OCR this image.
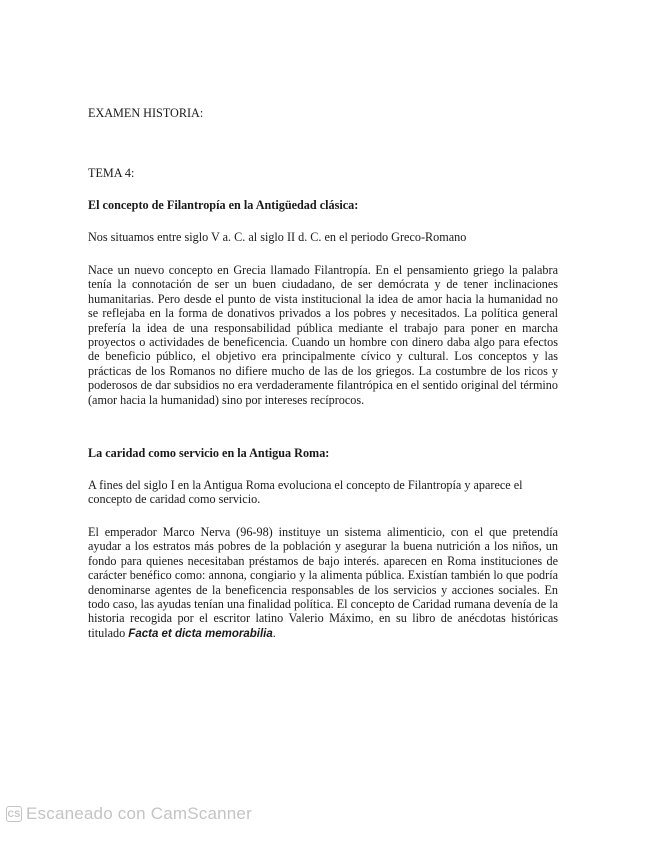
EXAMEN HISTORIA:

TEMA 4:

El concepto de Filantropía en la Antigüedad clásica:

Nos situamos entre siglo V a. C. al siglo II d. C. en el periodo Greco-Romano

Nace un nuevo concepto en Grecia llamado Filantropía. En el pensamiento griego la palabra tenía la connotación de ser un buen ciudadano, de ser demócrata y de tener inclinaciones humanitarias. Pero desde el punto de vista institucional la idea de amor hacia la humanidad no se reflejaba en la forma de donativos privados a los pobres y necesitados. La política general prefería la idea de una responsabilidad pública mediante el trabajo para poner en marcha proyectos o actividades de beneficencia. Cuando un hombre con dinero daba algo para efectos de beneficio público, el objetivo era principalmente cívico y cultural. Los conceptos y las prácticas de los Romanos no difiere mucho de las de los griegos. La costumbre de los ricos y poderosos de dar subsidios no era verdaderamente filantrópica en el sentido original del término (amor hacia la humanidad) sino por intereses recíprocos.

La caridad como servicio en la Antigua Roma:

A fines del siglo I en la Antigua Roma evoluciona el concepto de Filantropía y aparece el concepto de caridad como servicio.

El emperador Marco Nerva (96-98) instituye un sistema alimenticio, con el que pretendía ayudar a los estratos más pobres de la población y asegurar la buena nutrición a los niños, un fondo para quienes necesitaban préstamos de bajo interés. aparecen en Roma instituciones de carácter benéfico como: annona, congiario y la alimenta pública. Existían también lo que podría denominarse agentes de la beneficencia responsables de los servicios y acciones sociales. En todo caso, las ayudas tenían una finalidad política. El concepto de Caridad rumana devenía de la historia recogida por el escritor latino Valerio Máximo, en su libro de anécdotas históricas titulado Facta et dicta memorabilia.

CS Escaneado con CamScanner
